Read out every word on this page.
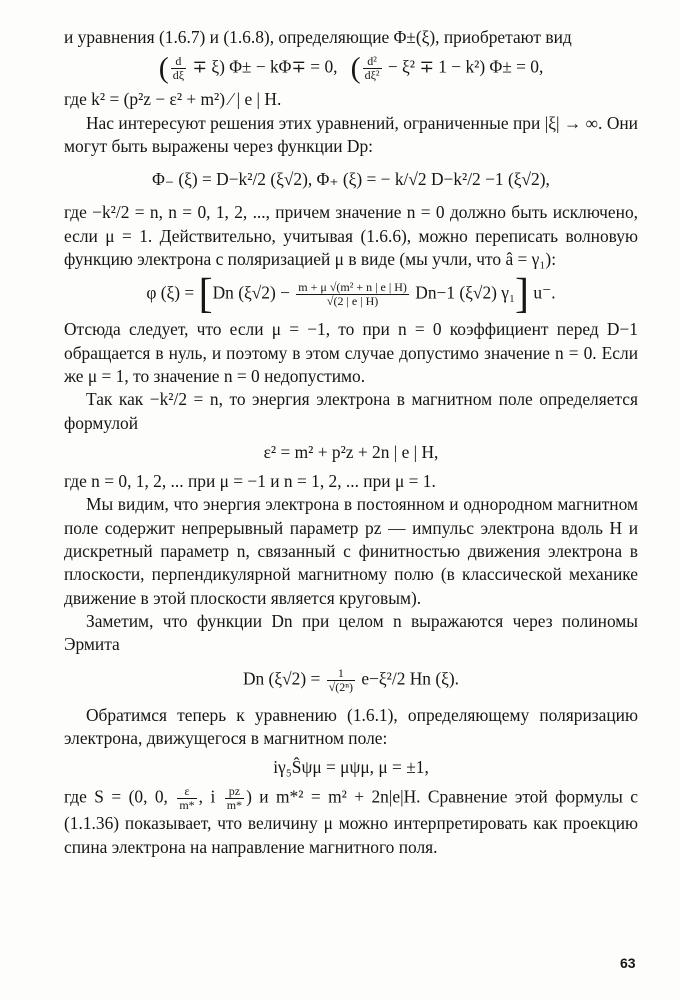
и уравнения (1.6.7) и (1.6.8), определяющие Φ±(ξ), приобретают вид

( $\frac{d}{d\xi} \mp \xi$) Φ± − kΦ∓ = 0, ( $\frac{\text{d²}}{\text{dξ²}} - \xi^2 \mp 1 - k^2$) Φ± = 0,

где k² = (p²z − ε² + m²) ⁄ | e | H.

Нас интересуют решения этих уравнений, ограниченные при |ξ| → ∞. Они могут быть выражены через функции Dp:

Φ₋ (ξ) = D−k²/2 (ξ√2), Φ₊ (ξ) = − k/√2 D−k²/2 −1 (ξ√2),

где −k²/2 = n, n = 0, 1, 2, ..., причем значение n = 0 должно быть исключено, если μ = 1. Действительно, учитывая (1.6.6), можно переписать волновую функцию электрона с поляризацией μ в виде (мы учли, что â = γ₁):

φ (ξ) = [Dn $(\xi√2) - \frac{\text{m + μ √(m² + n | e | H)}}{√(2 | e | H)} Dn-1$ (ξ√2) γ₁] u⁻.

Отсюда следует, что если μ = −1, то при n = 0 коэффициент перед D−1 обращается в нуль, и поэтому в этом случае допустимо значение n = 0. Если же μ = 1, то значение n = 0 недопустимо.

Так как −k²/2 = n, то энергия электрона в магнитном поле определяется формулой

ε² = m² + p²z + 2n | e | H,

где n = 0, 1, 2, ... при μ = −1 и n = 1, 2, ... при μ = 1.

Мы видим, что энергия электрона в постоянном и однородном магнитном поле содержит непрерывный параметр pz — импульс электрона вдоль H и дискретный параметр n, связанный с финитностью движения электрона в плоскости, перпендикулярной магнитному полю (в классической механике движение в этой плоскости является круговым).

Заметим, что функции Dn при целом n выражаются через полиномы Эрмита

Dn $(\xi√2) = \frac{1}{\text{√(2ⁿ)}} e-\xi^2/2$ Hn (ξ).

Обратимся теперь к уравнению (1.6.1), определяющему поляризацию электрона, движущегося в магнитном поле:

iγ₅Ŝψμ = μψμ, μ = ±1,

где S = (0, 0, $\frac{\varepsilon}{m*}$ , i $\frac{pz}{m*}$ ) и m*² = m² + 2n|e|H. Сравнение этой формулы с (1.1.36) показывает, что величину μ можно интерпретировать как проекцию спина электрона на направление магнитного поля.

63
